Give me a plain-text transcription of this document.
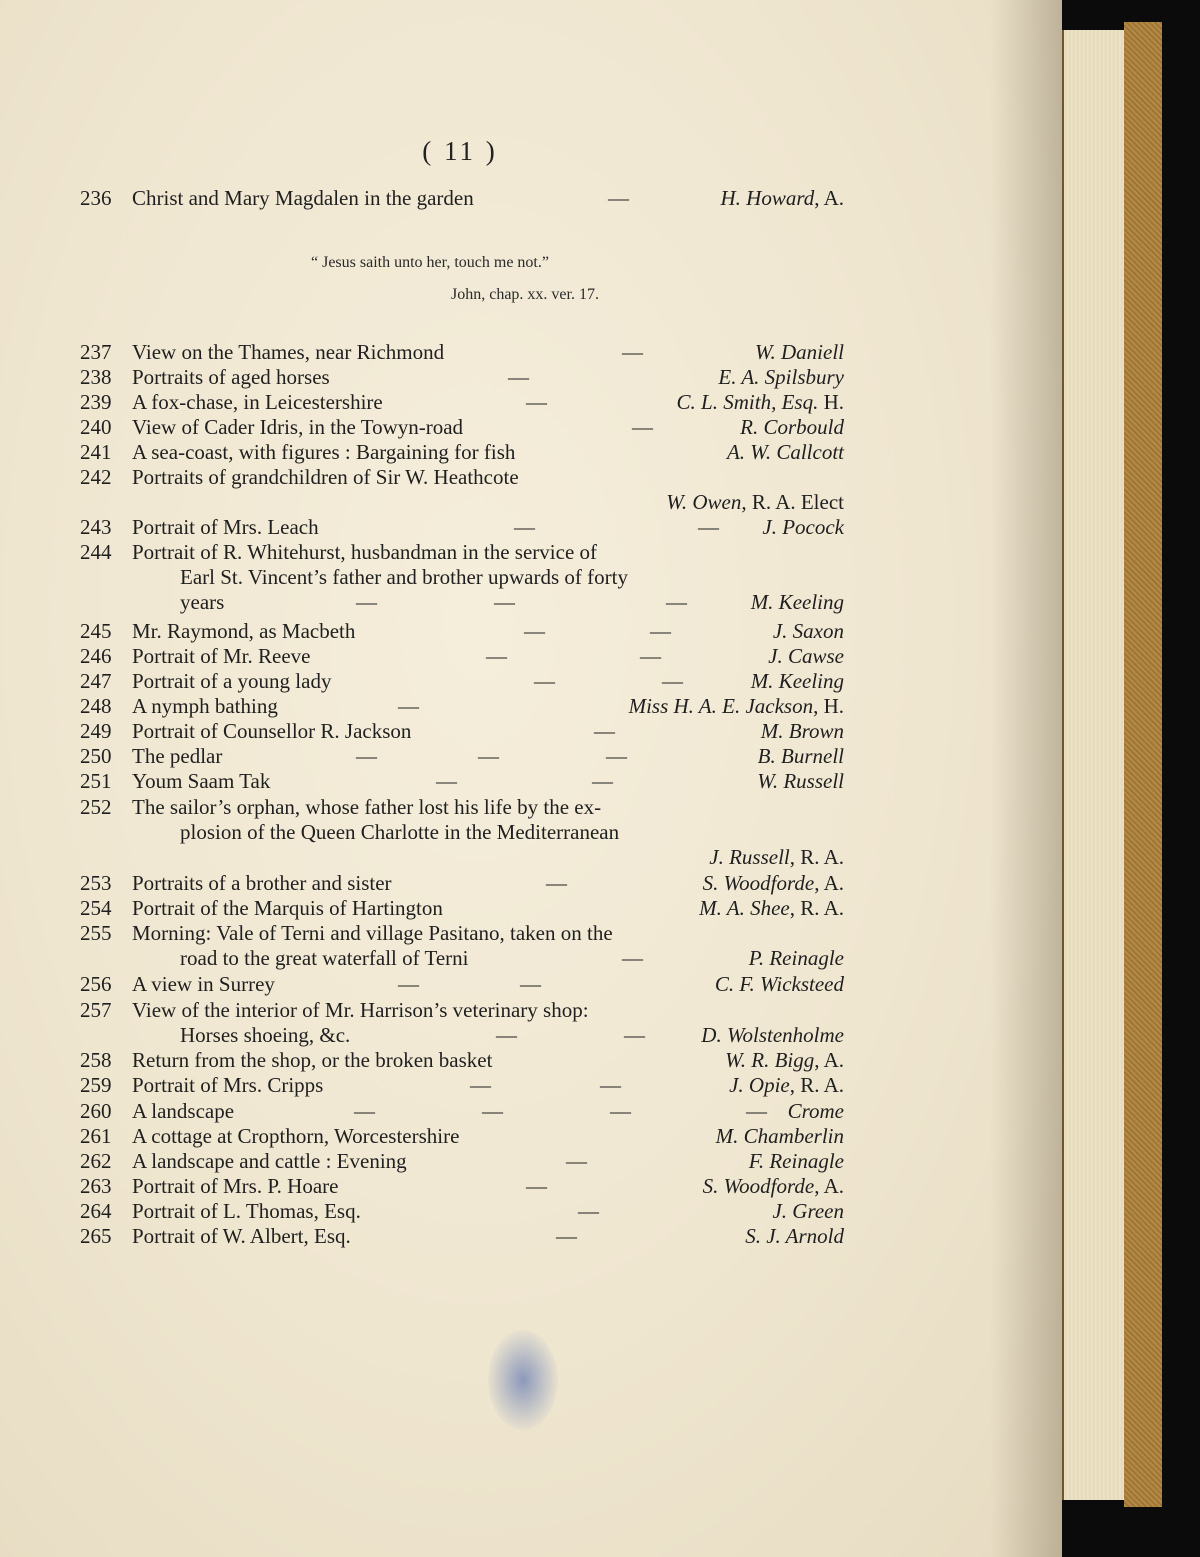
( 11 )
236 Christ and Mary Magdalen in the garden	—	H. Howard, A.
“ Jesus saith unto her, touch me not.”
John, chap. xx. ver. 17.
237 View on the Thames, near Richmond	—	W. Daniell
238 Portraits of aged horses	—	E. A. Spilsbury
239 A fox-chase, in Leicestershire	—	C. L. Smith, Esq. H.
240 View of Cader Idris, in the Towyn-road	—	R. Corbould
241 A sea-coast, with figures : Bargaining for fish	A. W. Callcott
242 Portraits of grandchildren of Sir W. Heathcote
W. Owen, R. A. Elect
243 Portrait of Mrs. Leach	—	— J. Pocock
244 Portrait of R. Whitehurst, husbandman in the service of
Earl St. Vincent’s father and brother upwards of forty
years	—	—	—	M. Keeling
245 Mr. Raymond, as Macbeth	—	—	J. Saxon
246 Portrait of Mr. Reeve	—	—	J. Cawse
247 Portrait of a young lady	—	—	M. Keeling
248 A nymph bathing	—	Miss H. A. E. Jackson, H.
249 Portrait of Counsellor R. Jackson	—	M. Brown
250 The pedlar	—	—	—	B. Burnell
251 Youm Saam Tak	—	—	W. Russell
252 The sailor’s orphan, whose father lost his life by the ex-
plosion of the Queen Charlotte in the Mediterranean
J. Russell, R. A.
253 Portraits of a brother and sister	—	S. Woodforde, A.
254 Portrait of the Marquis of Hartington	M. A. Shee, R. A.
255 Morning: Vale of Terni and village Pasitano, taken on the
road to the great waterfall of Terni	—	P. Reinagle
256 A view in Surrey	—	—	C. F. Wicksteed
257 View of the interior of Mr. Harrison’s veterinary shop:
Horses shoeing, &c.	—	—	D. Wolstenholme
258 Return from the shop, or the broken basket	W. R. Bigg, A.
259 Portrait of Mrs. Cripps	—	—	J. Opie, R. A.
260 A landscape	—	—	—	— Crome
261 A cottage at Cropthorn, Worcestershire	M. Chamberlin
262 A landscape and cattle : Evening	—	F. Reinagle
263 Portrait of Mrs. P. Hoare	—	S. Woodforde, A.
264 Portrait of L. Thomas, Esq.	—	J. Green
265 Portrait of W. Albert, Esq.	—	S. J. Arnold
